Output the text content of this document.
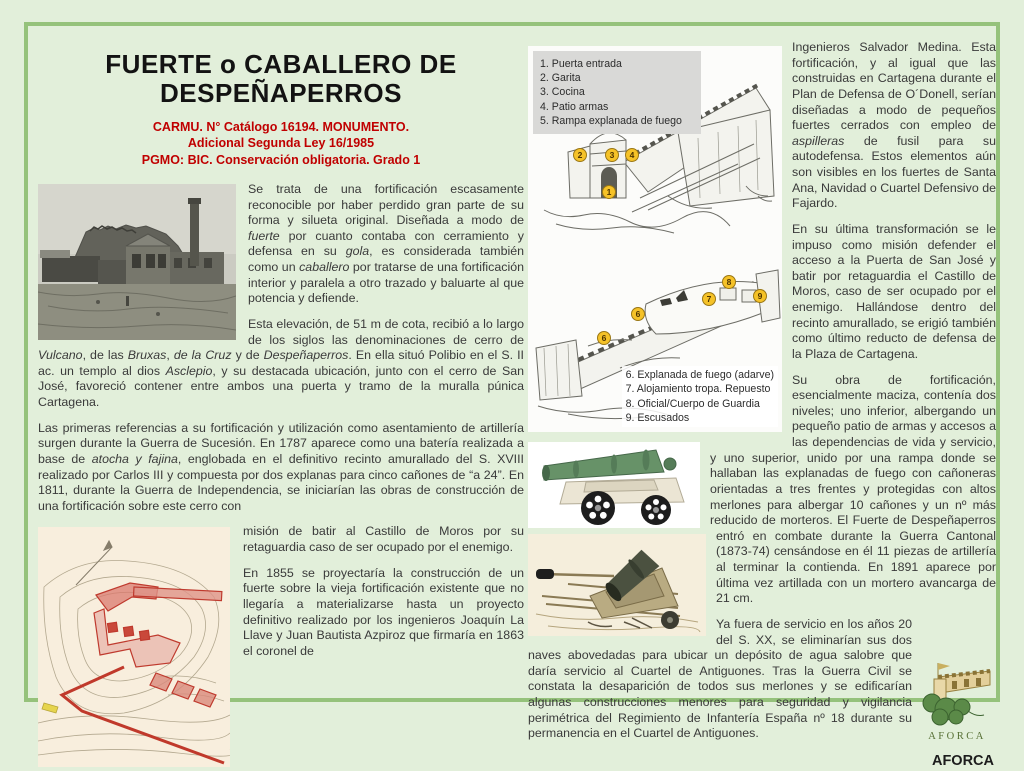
FUERTE o CABALLERO DE DESPEÑAPERROS
CARMU. N° Catálogo 16194. MONUMENTO.
Adicional Segunda Ley 16/1985
PGMO: BIC. Conservación obligatoria. Grado 1

Se trata de una fortificación escasamente reconocible por haber perdido gran parte de su forma y silueta original. Diseñada a modo de fuerte por cuanto contaba con cerramiento y defensa en su gola, es considerada también como un caballero por tratarse de una fortificación interior y paralela a otro trazado y baluarte al que potencia y defiende.

Esta elevación, de 51 m de cota, recibió a lo largo de los siglos las denominaciones de cerro de Vulcano, de las Bruxas, de la Cruz y de Despeñaperros. En ella situó Polibio en el S. II ac. un templo al dios Asclepio, y su destacada ubicación, junto con el cerro de San José, favoreció contener entre ambos una puerta y tramo de la muralla púnica Cartagena.

Las primeras referencias a su fortificación y utilización como asentamiento de artillería surgen durante la Guerra de Sucesión. En 1787 aparece como una batería realizada a base de atocha y fajina, englobada en el definitivo recinto amurallado del S. XVIII realizado por Carlos III y compuesta por dos explanas para cinco cañones de “a 24”. En 1811, durante la Guerra de Independencia, se iniciarían las obras de construcción de una fortificación sobre este cerro con

misión de batir al Castillo de Moros por su retaguardia caso de ser ocupado por el enemigo.

En 1855 se proyectaría la construcción de un fuerte sobre la vieja fortificación existente que no llegaría a materializarse hasta un proyecto definitivo realizado por los ingenieros Joaquín La Llave y Juan Bautista Azpiroz que firmaría en 1863 el coronel de

1
2	3 4
6
6
7
8
9
1. Puerta entrada
2. Garita
3. Cocina
4. Patio armas
5. Rampa explanada de fuego
6. Explanada de fuego (adarve)
7. Alojamiento tropa. Repuesto
8. Oficial/Cuerpo de Guardia
9. Escusados

Ingenieros Salvador Medina. Esta fortificación, y al igual que las construidas en Cartagena durante el Plan de Defensa de O´Donell, serían diseñadas a modo de pequeños fuertes cerrados con empleo de aspilleras de fusil para su autodefensa. Estos elementos aún son visibles en los fuertes de Santa Ana, Navidad o Cuartel Defensivo de Fajardo.

En su última transformación se le impuso como misión defender el acceso a la Puerta de San José y batir por retaguardia el Castillo de Moros, caso de ser ocupado por el enemigo. Hallándose dentro del recinto amurallado, se erigió también como último reducto de defensa de la Plaza de Cartagena.

Su obra de fortificación, esencialmente maciza, contenía dos niveles; uno inferior, albergando un pequeño patio de armas y accesos a las dependencias de vida y servicio, y uno superior, unido por una rampa donde se hallaban las explanadas de fuego con cañoneras orientadas a tres frentes y protegidas con altos merlones para albergar 10 cañones y un nº más reducido de morteros. El Fuerte de Despeñaperros entró en combate durante la Guerra Cantonal (1873-74) censándose en él 11 piezas de artillería al terminar la contienda. En 1891 aparece por última vez artillada con un mortero avancarga de 21 cm.

AFORCA

Ya fuera de servicio en los años 20 del S. XX, se eliminarían sus dos naves abovedadas para ubicar un depósito de agua salobre que daría servicio al Cuartel de Antiguones. Tras la Guerra Civil se constata la desaparición de todos sus merlones y se edificarían algunas construcciones menores para seguridad y vigilancia perimétrica del Regimiento de Infantería España nº 18 durante su permanencia en el Cuartel de Antiguones.

AFORCA
